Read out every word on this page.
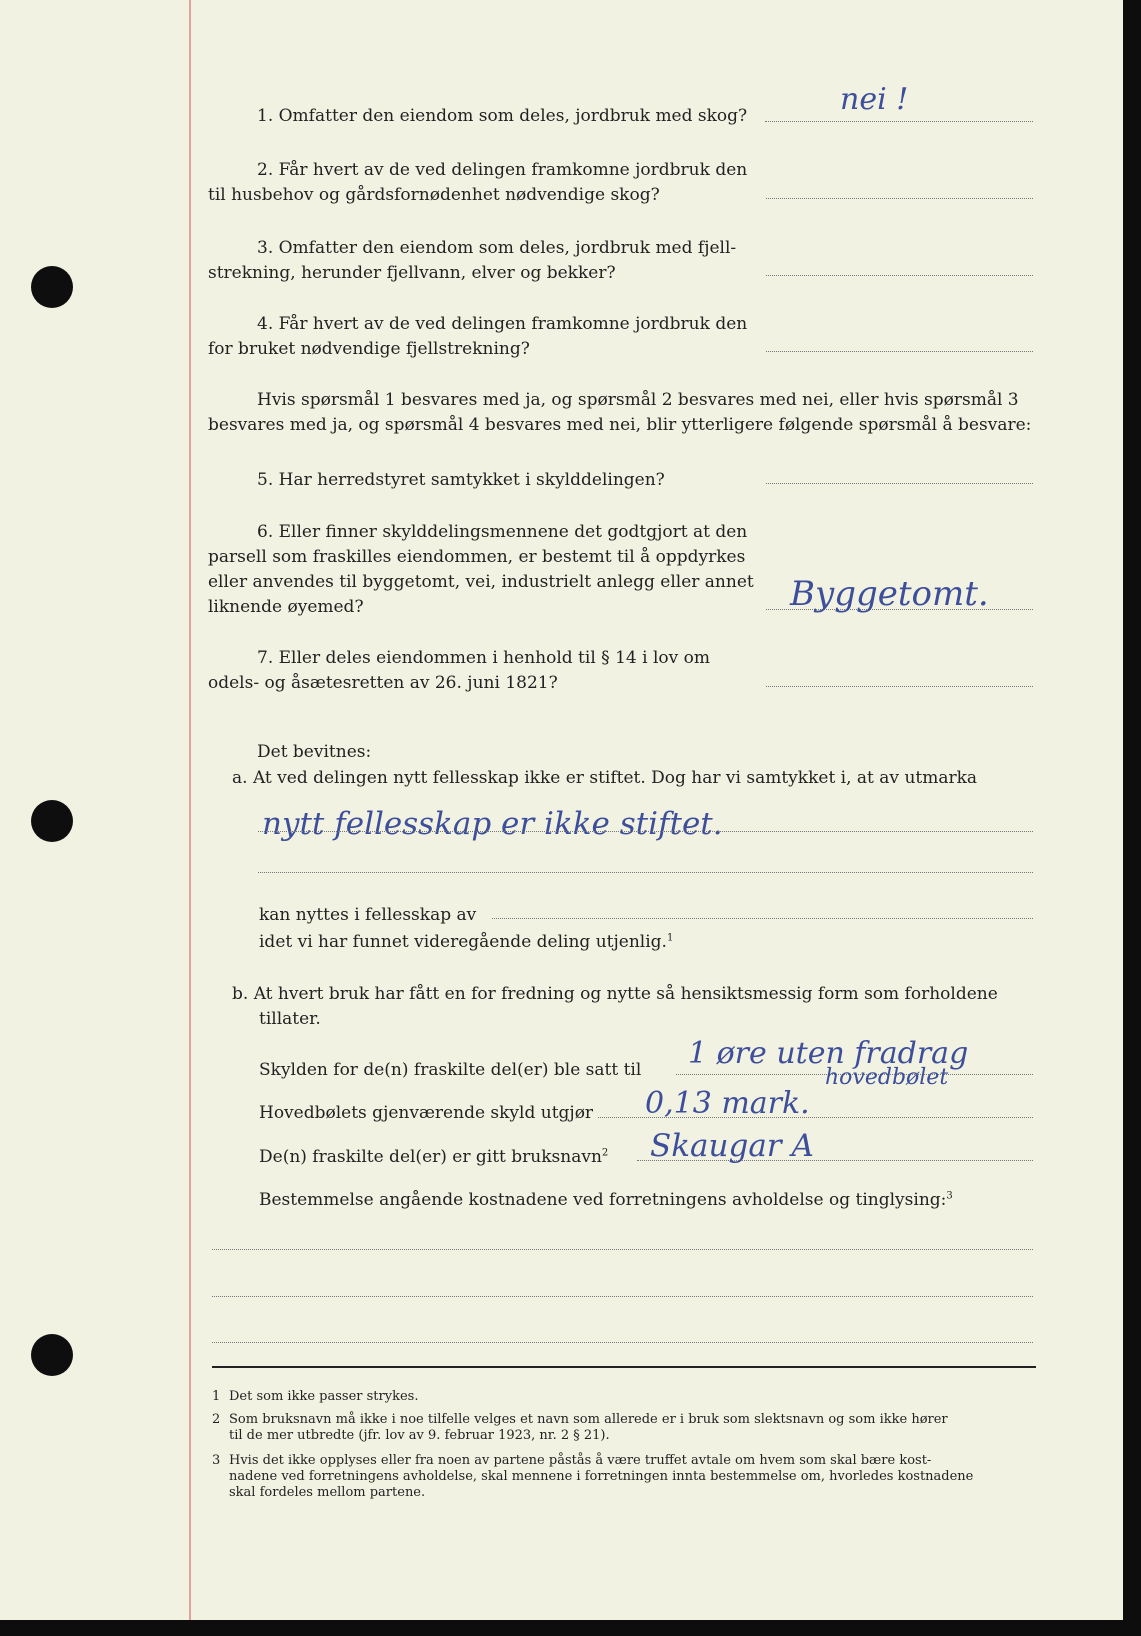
1. Omfatter den eiendom som deles, jordbruk med skog?	nei !
2. Får hvert av de ved delingen framkomne jordbruk den
til husbehov og gårdsfornødenhet nødvendige skog?
3. Omfatter den eiendom som deles, jordbruk med fjell-
strekning, herunder fjellvann, elver og bekker?
4. Får hvert av de ved delingen framkomne jordbruk den
for bruket nødvendige fjellstrekning?
Hvis spørsmål 1 besvares med ja, og spørsmål 2 besvares med nei, eller hvis spørsmål 3
besvares med ja, og spørsmål 4 besvares med nei, blir ytterligere følgende spørsmål å besvare:
5. Har herredstyret samtykket i skylddelingen?
6. Eller finner skylddelingsmennene det godtgjort at den
parsell som fraskilles eiendommen, er bestemt til å oppdyrkes
eller anvendes til byggetomt, vei, industrielt anlegg eller annet
liknende øyemed?	Byggetomt.
7. Eller deles eiendommen i henhold til § 14 i lov om
odels- og åsætesretten av 26. juni 1821?
Det bevitnes:
a. At ved delingen nytt fellesskap ikke er stiftet. Dog har vi samtykket i, at av utmarka
nytt fellesskap er ikke stiftet.
kan nyttes i fellesskap av
idet vi har funnet videregående deling utjenlig.$^1$
b. At hvert bruk har fått en for fredning og nytte så hensiktsmessig form som forholdene
tillater.
Skylden for de(n) fraskilte del(er) ble satt til 1 øre uten fradrag
hovedbølet
Hovedbølets gjenværende skyld utgjør 0,13 mark.
De(n) fraskilte del(er) er gitt bruksnavn$^2$ Skaugar A
Bestemmelse angående kostnadene ved forretningens avholdelse og tinglysing:$^3$
1 Det som ikke passer strykes.
2 Som bruksnavn må ikke i noe tilfelle velges et navn som allerede er i bruk som slektsnavn og som ikke hører
til de mer utbredte (jfr. lov av 9. februar 1923, nr. 2 § 21).
3 Hvis det ikke opplyses eller fra noen av partene påstås å være truffet avtale om hvem som skal bære kost-
nadene ved forretningens avholdelse, skal mennene i forretningen innta bestemmelse om, hvorledes kostnadene
skal fordeles mellom partene.
